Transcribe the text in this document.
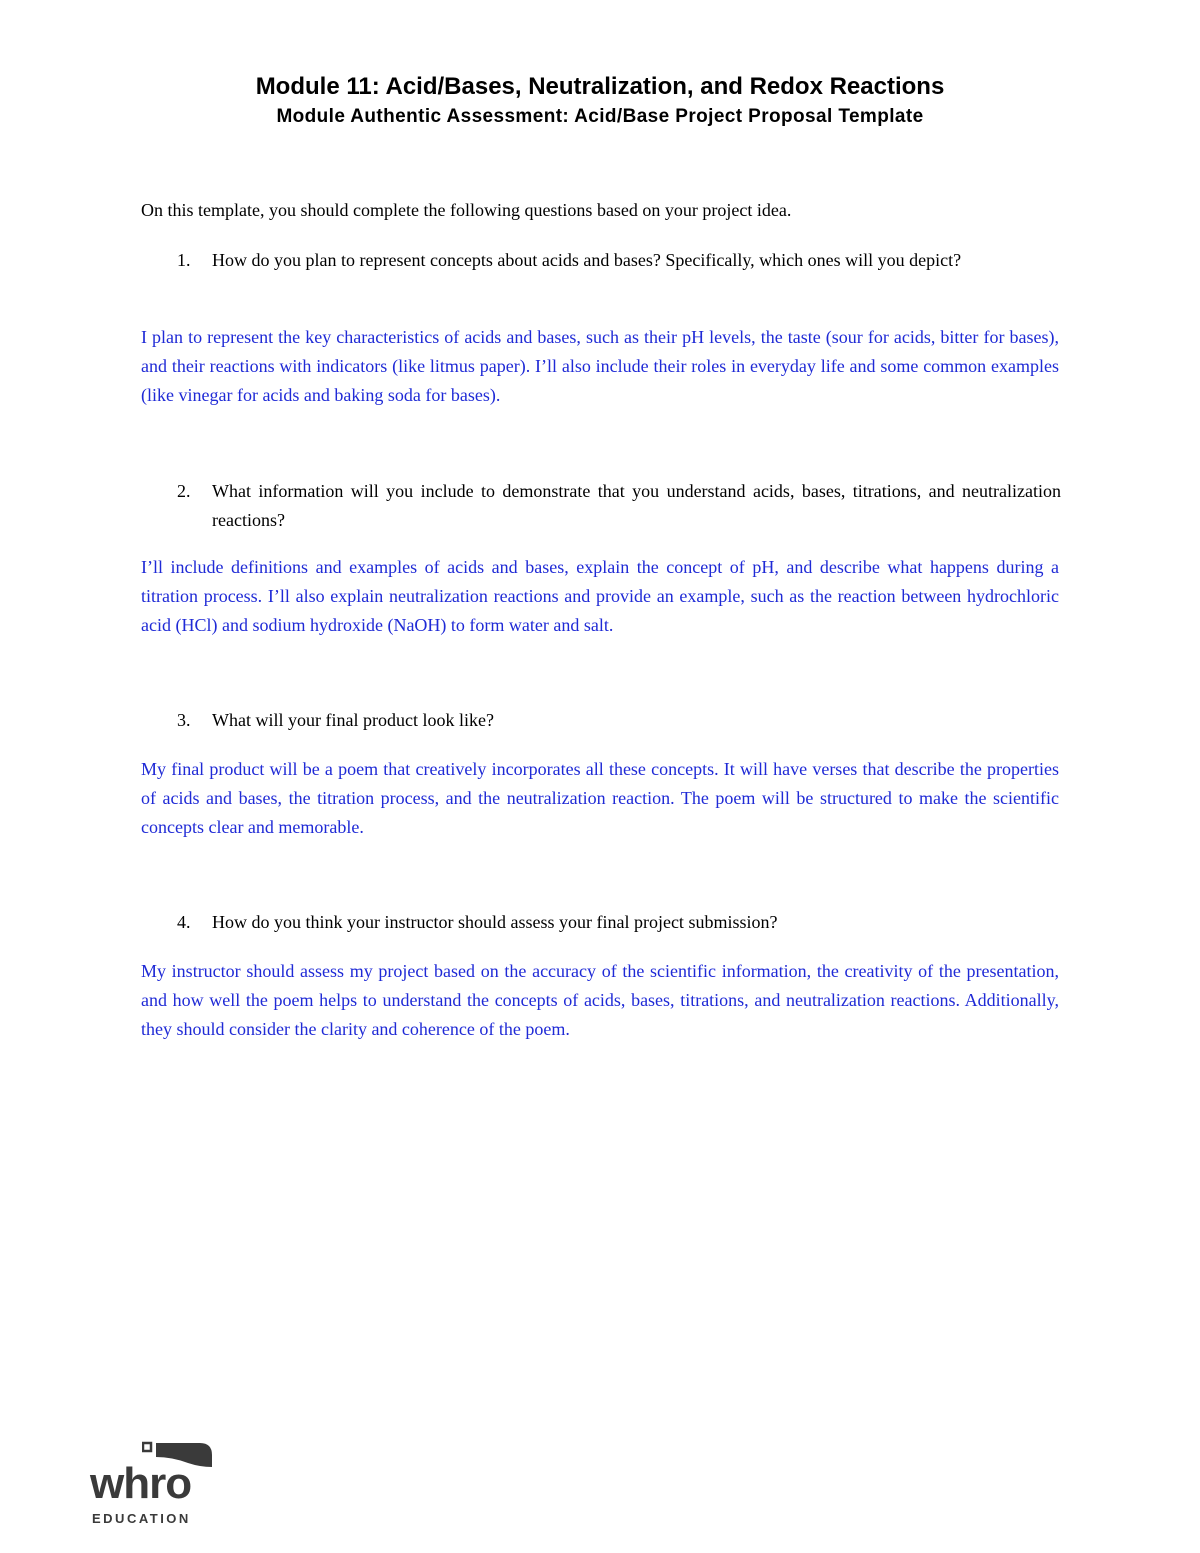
Module 11: Acid/Bases, Neutralization, and Redox Reactions
Module Authentic Assessment: Acid/Base Project Proposal Template
On this template, you should complete the following questions based on your project idea.
1.	How do you plan to represent concepts about acids and bases? Specifically, which ones will you depict?
I plan to represent the key characteristics of acids and bases, such as their pH levels, the taste (sour for acids, bitter for bases), and their reactions with indicators (like litmus paper). I’ll also include their roles in everyday life and some common examples (like vinegar for acids and baking soda for bases).
2.	What information will you include to demonstrate that you understand acids, bases, titrations, and neutralization reactions?
I’ll include definitions and examples of acids and bases, explain the concept of pH, and describe what happens during a titration process. I’ll also explain neutralization reactions and provide an example, such as the reaction between hydrochloric acid (HCl) and sodium hydroxide (NaOH) to form water and salt.
3.	What will your final product look like?
My final product will be a poem that creatively incorporates all these concepts. It will have verses that describe the properties of acids and bases, the titration process, and the neutralization reaction. The poem will be structured to make the scientific concepts clear and memorable.
4.	How do you think your instructor should assess your final project submission?
My instructor should assess my project based on the accuracy of the scientific information, the creativity of the presentation, and how well the poem helps to understand the concepts of acids, bases, titrations, and neutralization reactions. Additionally, they should consider the clarity and coherence of the poem.
whro
EDUCATION
